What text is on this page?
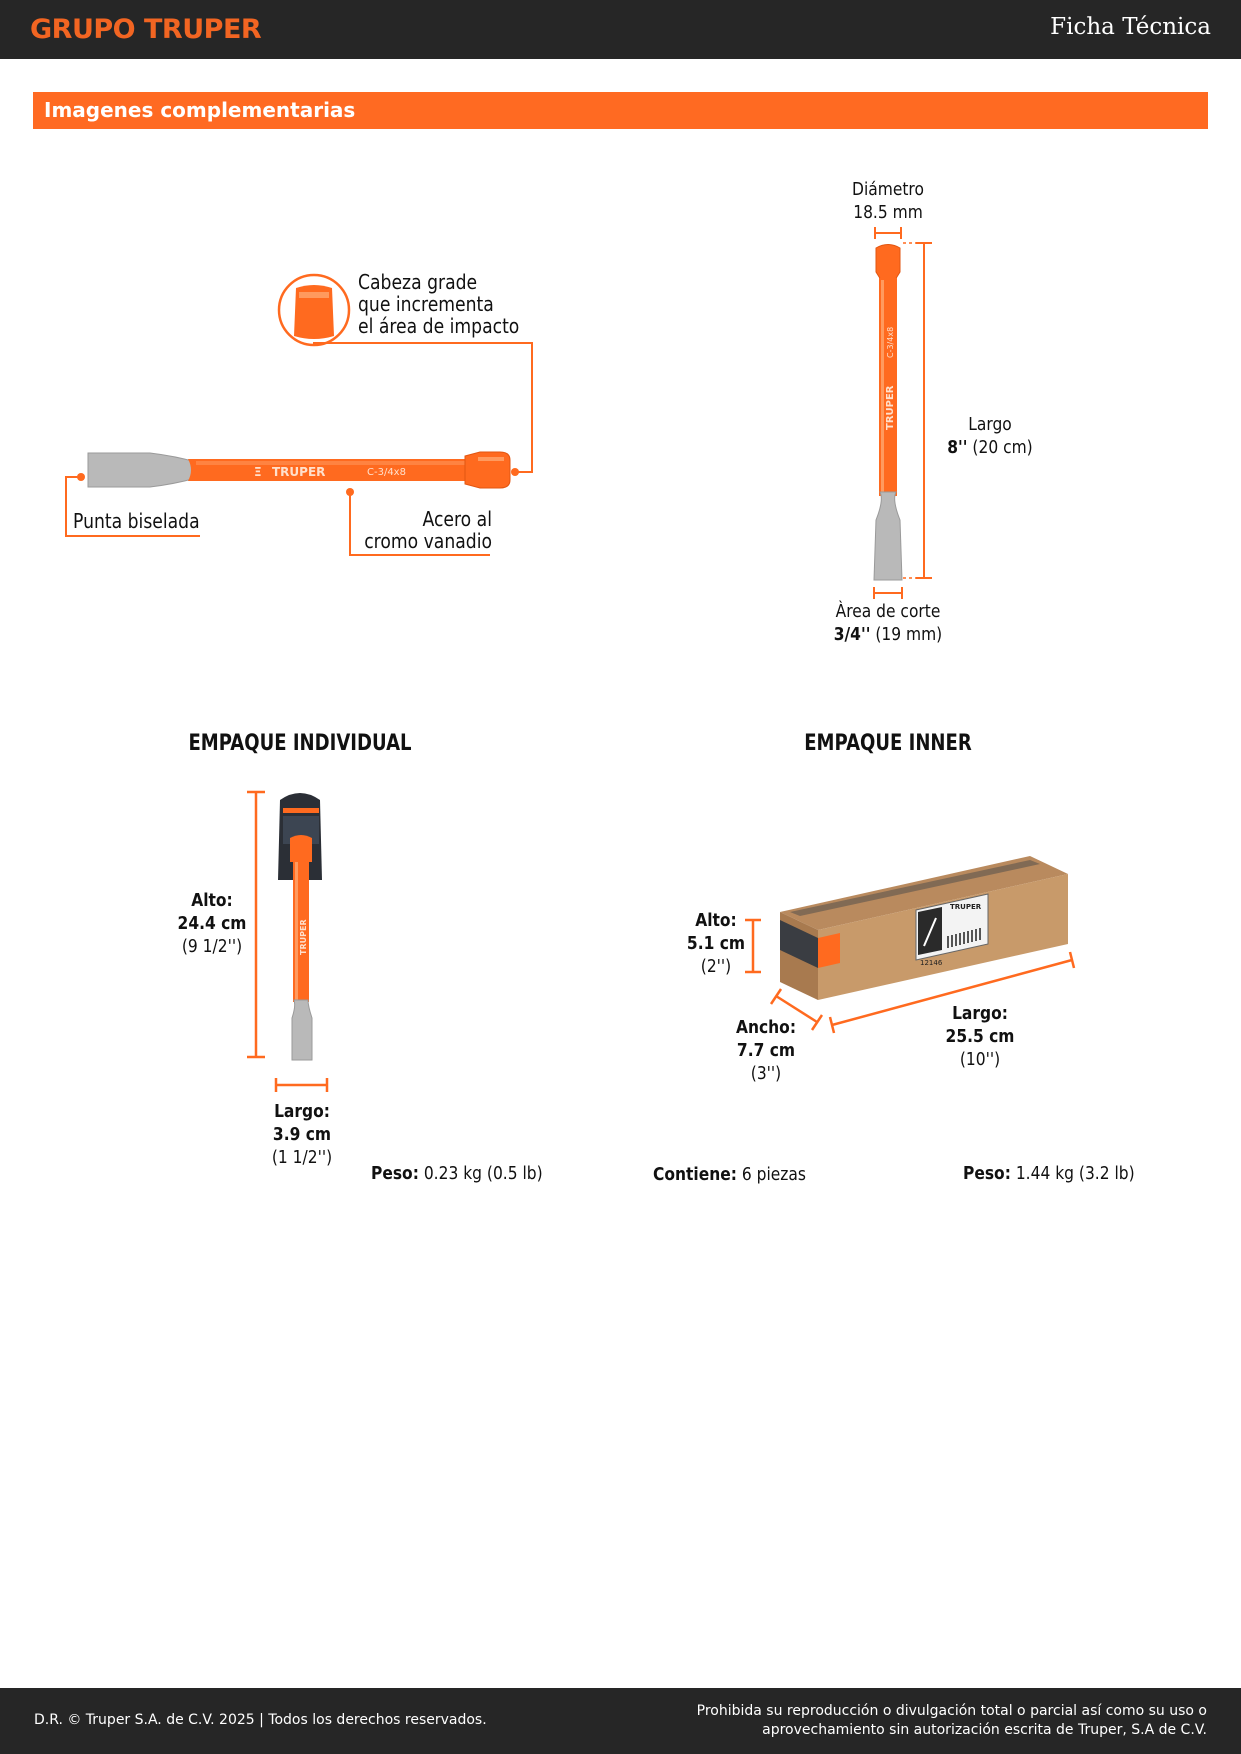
GRUPO TRUPER	Ficha Técnica
Imagenes complementarias
TRUPER	C-3/4x8
Ξ
TRUPER
C-3/4x8
TRUPER
12146
TRUPER
Cabeza grade
que incrementa
el área de impacto
Punta biselada	Acero al
cromo vanadio
Diámetro
18.5 mm
Largo
8'' (20 cm)
Àrea de corte
3/4'' (19 mm)
EMPAQUE INDIVIDUAL
Alto:
24.4 cm
(9 1/2'')
Largo:
3.9 cm
(1 1/2'')
Peso: 0.23 kg (0.5 lb)
EMPAQUE INNER
Alto:
5.1 cm
(2'')
Ancho:
7.7 cm
(3'')
Largo:
25.5 cm
(10'')
Contiene: 6 piezas	Peso: 1.44 kg (3.2 lb)
D.R. © Truper S.A. de C.V. 2025 | Todos los derechos reservados.
Prohibida su reproducción o divulgación total o parcial así como su uso o aprovechamiento sin autorización escrita de Truper, S.A de C.V.
